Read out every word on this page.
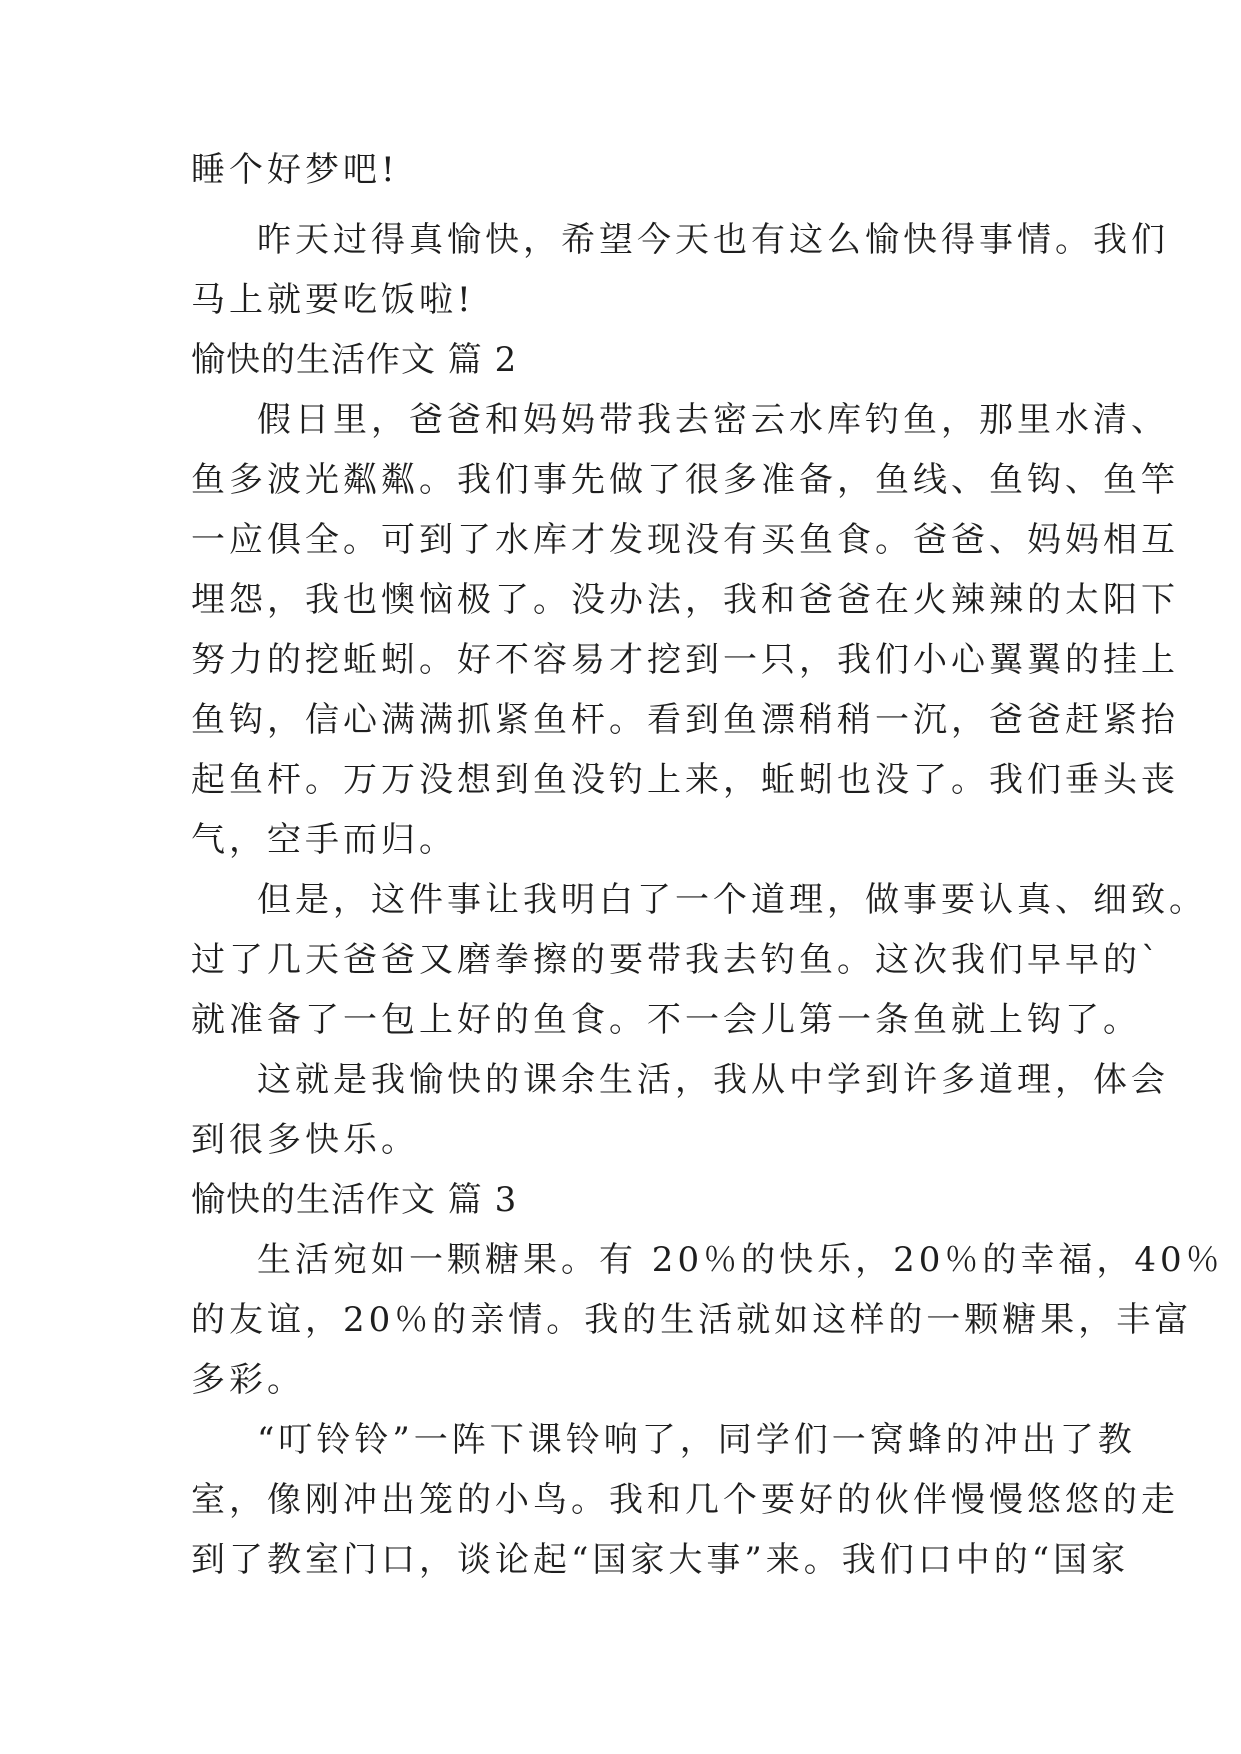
睡个好梦吧!
昨天过得真愉快，希望今天也有这么愉快得事情。我们
马上就要吃饭啦!
愉快的生活作文 篇 2
假日里，爸爸和妈妈带我去密云水库钓鱼，那里水清、
鱼多波光粼粼。我们事先做了很多准备，鱼线、鱼钩、鱼竿
一应俱全。可到了水库才发现没有买鱼食。爸爸、妈妈相互
埋怨，我也懊恼极了。没办法，我和爸爸在火辣辣的太阳下
努力的挖蚯蚓。好不容易才挖到一只，我们小心翼翼的挂上
鱼钩，信心满满抓紧鱼杆。看到鱼漂稍稍一沉，爸爸赶紧抬
起鱼杆。万万没想到鱼没钓上来，蚯蚓也没了。我们垂头丧
气，空手而归。
但是，这件事让我明白了一个道理，做事要认真、细致。
过了几天爸爸又磨拳擦的要带我去钓鱼。这次我们早早的`
就准备了一包上好的鱼食。不一会儿第一条鱼就上钩了。
这就是我愉快的课余生活，我从中学到许多道理，体会
到很多快乐。
愉快的生活作文 篇 3
生活宛如一颗糖果。有 20％的快乐，20％的幸福，40％
的友谊，20％的亲情。我的生活就如这样的一颗糖果，丰富
多彩。
“叮铃铃”一阵下课铃响了，同学们一窝蜂的冲出了教
室，像刚冲出笼的小鸟。我和几个要好的伙伴慢慢悠悠的走
到了教室门口，谈论起“国家大事”来。我们口中的“国家
